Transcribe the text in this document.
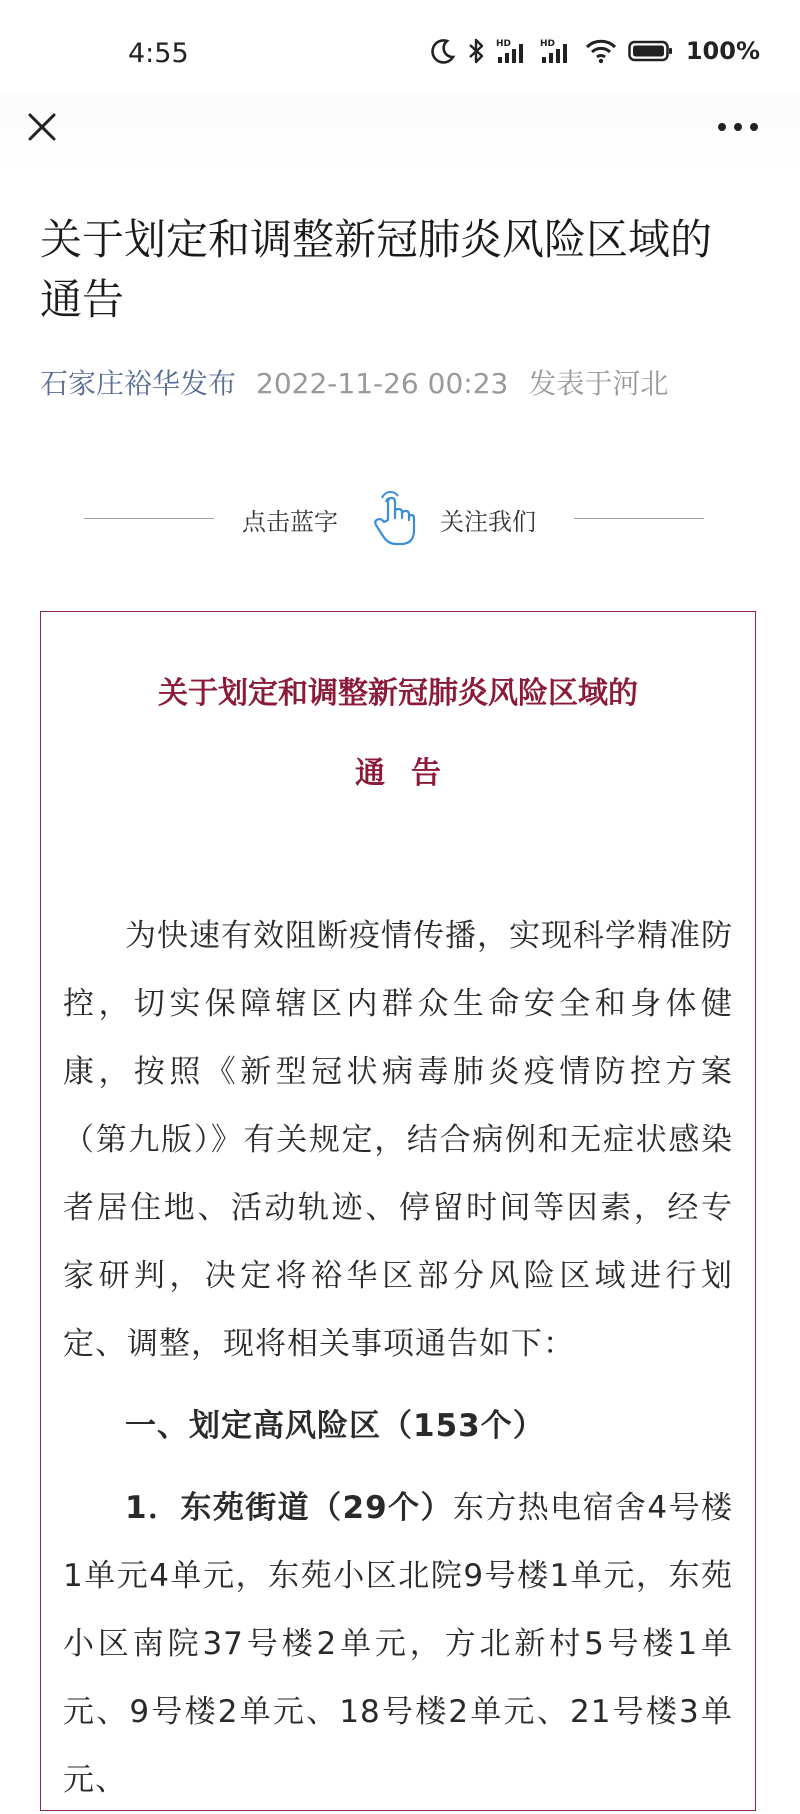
4:55	HD	HD	100%
关于划定和调整新冠肺炎风险区域的通告
石家庄裕华发布 2022-11-26 00:23 发表于河北
点击蓝字	关注我们
关于划定和调整新冠肺炎风险区域的
通告

为快速有效阻断疫情传播，实现科学精准防控，切实保障辖区内群众生命安全和身体健康，按照《新型冠状病毒肺炎疫情防控方案（第九版）》有关规定，结合病例和无症状感染者居住地、活动轨迹、停留时间等因素，经专家研判，决定将裕华区部分风险区域进行划定、调整，现将相关事项通告如下：

一、划定高风险区（153个）

1．东苑街道（29个）东方热电宿舍4号楼1单元4单元，东苑小区北院9号楼1单元，东苑小区南院37号楼2单元，方北新村5号楼1单元、9号楼2单元、18号楼2单元、21号楼3单元、
